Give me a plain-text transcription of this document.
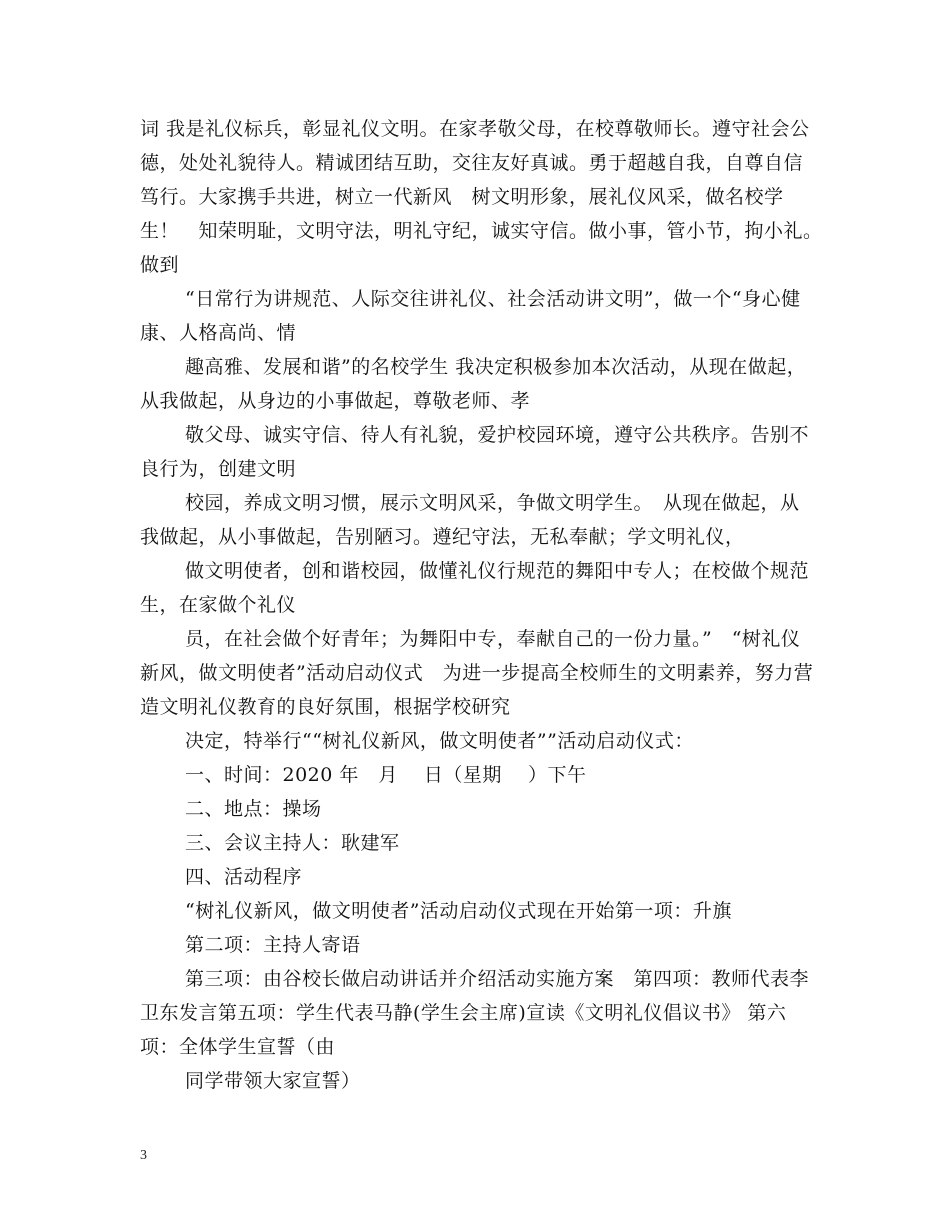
词 我是礼仪标兵，彰显礼仪文明。在家孝敬父母，在校尊敬师长。遵守社会公德，处处礼貌待人。精诚团结互助，交往友好真诚。勇于超越自我，自尊自信笃行。大家携手共进，树立一代新风　树文明形象，展礼仪风采，做名校学生！　知荣明耻，文明守法，明礼守纪，诚实守信。做小事，管小节，拘小礼。　做到

“日常行为讲规范、人际交往讲礼仪、社会活动讲文明”，做一个“身心健康、人格高尚、情

趣高雅、发展和谐”的名校学生 我决定积极参加本次活动，从现在做起，从我做起，从身边的小事做起，尊敬老师、孝

敬父母、诚实守信、待人有礼貌，爱护校园环境，遵守公共秩序。告别不良行为，创建文明

校园，养成文明习惯，展示文明风采，争做文明学生。　从现在做起，从我做起，从小事做起，告别陋习。遵纪守法，无私奉献；学文明礼仪，

做文明使者，创和谐校园，做懂礼仪行规范的舞阳中专人；在校做个规范生，在家做个礼仪

员，在社会做个好青年；为舞阳中专，奉献自己的一份力量。”　“树礼仪新风，做文明使者”活动启动仪式　为进一步提高全校师生的文明素养，努力营造文明礼仪教育的良好氛围，根据学校研究

决定，特举行““树礼仪新风，做文明使者””活动启动仪式：

一、时间：2020 年　月　 日（星期　 ）下午

二、地点：操场

三、会议主持人：耿建军

四、活动程序

“树礼仪新风，做文明使者”活动启动仪式现在开始第一项：升旗

第二项：主持人寄语

第三项：由谷校长做启动讲话并介绍活动实施方案　第四项：教师代表李卫东发言第五项：学生代表马静(学生会主席)宣读《文明礼仪倡议书》 第六项：全体学生宣誓（由

同学带领大家宣誓）

3
